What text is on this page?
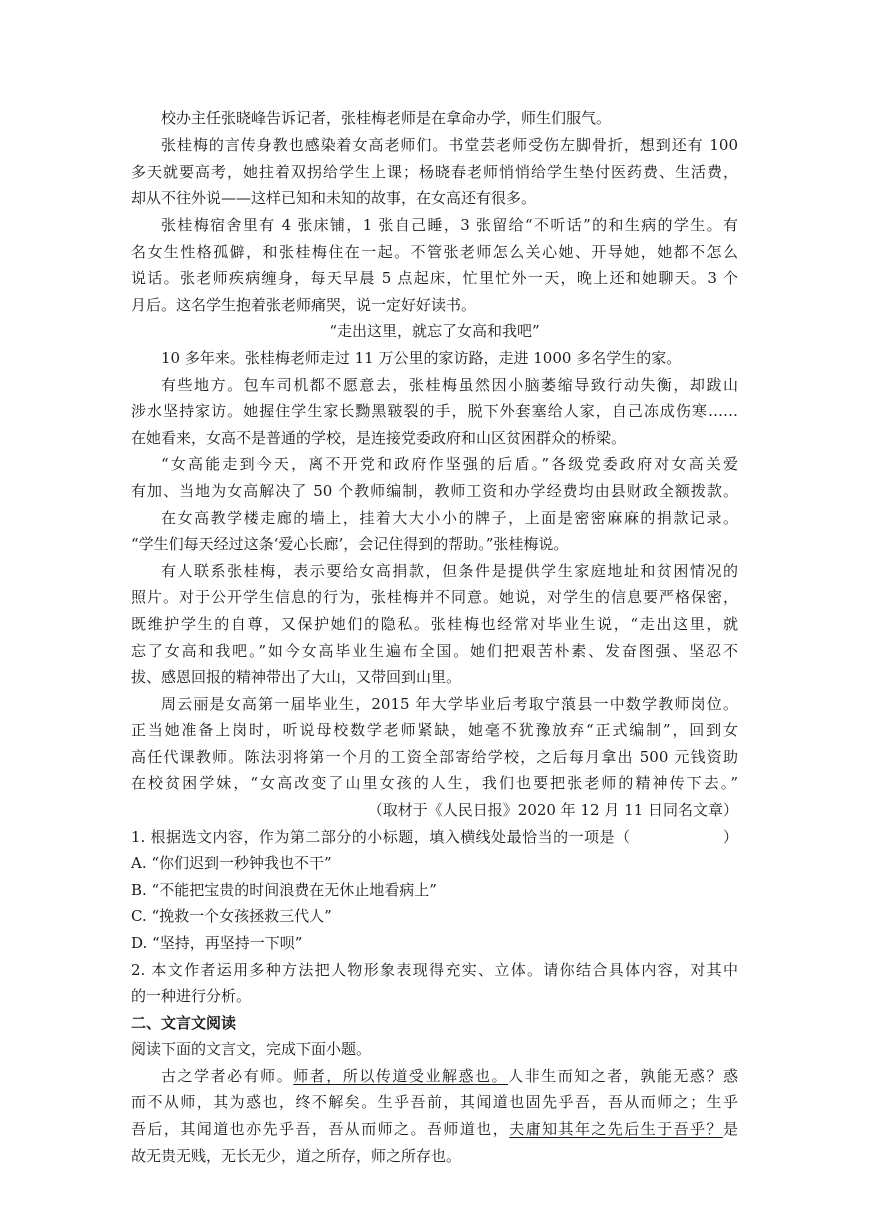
校办主任张晓峰告诉记者，张桂梅老师是在拿命办学，师生们服气。
张桂梅的言传身教也感染着女高老师们。书堂芸老师受伤左脚骨折，想到还有 100
多天就要高考，她拄着双拐给学生上课；杨晓春老师悄悄给学生垫付医药费、生活费，
却从不往外说——这样已知和未知的故事，在女高还有很多。
张桂梅宿舍里有 4 张床铺，1 张自己睡，3 张留给“不听话”的和生病的学生。有
名女生性格孤僻，和张桂梅住在一起。不管张老师怎么关心她、开导她，她都不怎么
说话。张老师疾病缠身，每天早晨 5 点起床，忙里忙外一天，晚上还和她聊天。3 个
月后。这名学生抱着张老师痛哭，说一定好好读书。
“走出这里，就忘了女高和我吧”
10 多年来。张桂梅老师走过 11 万公里的家访路，走进 1000 多名学生的家。
有些地方。包车司机都不愿意去，张桂梅虽然因小脑萎缩导致行动失衡，却跋山
涉水坚持家访。她握住学生家长黝黑皲裂的手，脱下外套塞给人家，自己冻成伤寒……
在她看来，女高不是普通的学校，是连接党委政府和山区贫困群众的桥梁。
“女高能走到今天，离不开党和政府作坚强的后盾。”各级党委政府对女高关爱
有加、当地为女高解决了 50 个教师编制，教师工资和办学经费均由县财政全额拨款。
在女高教学楼走廊的墙上，挂着大大小小的牌子，上面是密密麻麻的捐款记录。
“学生们每天经过这条‘爱心长廊’，会记住得到的帮助。”张桂梅说。
有人联系张桂梅，表示要给女高捐款，但条件是提供学生家庭地址和贫困情况的
照片。对于公开学生信息的行为，张桂梅并不同意。她说，对学生的信息要严格保密，
既维护学生的自尊，又保护她们的隐私。张桂梅也经常对毕业生说，“走出这里，就
忘了女高和我吧。”如今女高毕业生遍布全国。她们把艰苦朴素、发奋图强、坚忍不
拔、感恩回报的精神带出了大山，又带回到山里。
周云丽是女高第一届毕业生，2015 年大学毕业后考取宁蒗县一中数学教师岗位。
正当她准备上岗时，听说母校数学老师紧缺，她毫不犹豫放弃“正式编制”，回到女
高任代课教师。陈法羽将第一个月的工资全部寄给学校，之后每月拿出 500 元钱资助
在校贫困学妹，“女高改变了山里女孩的人生，我们也要把张老师的精神传下去。”
（取材于《人民日报》2020 年 12 月 11 日同名文章）
1. 根据选文内容，作为第二部分的小标题，填入横线处最恰当的一项是（	）
A. “你们迟到一秒钟我也不干”
B. “不能把宝贵的时间浪费在无休止地看病上”
C. “挽救一个女孩拯救三代人”
D. “坚持，再坚持一下呗”
2. 本文作者运用多种方法把人物形象表现得充实、立体。请你结合具体内容，对其中
的一种进行分析。
二、文言文阅读
阅读下面的文言文，完成下面小题。
古之学者必有师。师者，所以传道受业解惑也。人非生而知之者，孰能无惑？惑
而不从师，其为惑也，终不解矣。生乎吾前，其闻道也固先乎吾，吾从而师之；生乎
吾后，其闻道也亦先乎吾，吾从而师之。吾师道也，夫庸知其年之先后生于吾乎？是
故无贵无贱，无长无少，道之所存，师之所存也。
